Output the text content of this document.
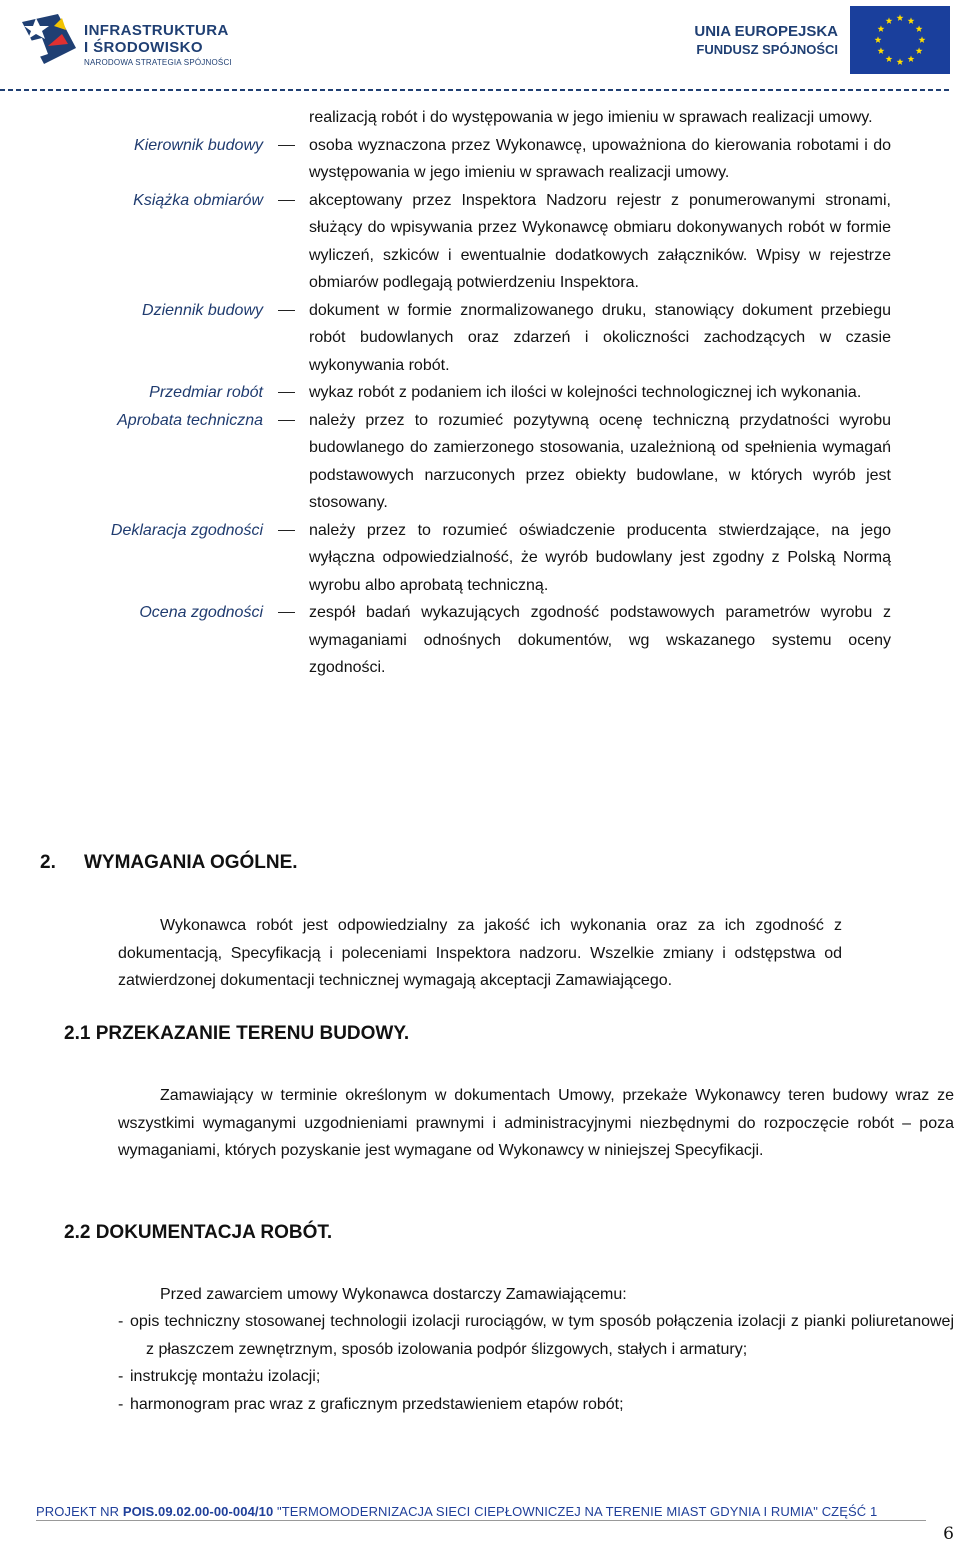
INFRASTRUKTURA
I ŚRODOWISKO
NARODOWA STRATEGIA SPÓJNOŚCI
UNIA EUROPEJSKA
FUNDUSZ SPÓJNOŚCI
realizacją robót i do występowania w jego imieniu w sprawach realizacji umowy.
Kierownik budowy	osoba wyznaczona przez Wykonawcę, upoważniona do kierowania robotami i do występowania w jego imieniu w sprawach realizacji umowy.
Książka obmiarów	akceptowany przez Inspektora Nadzoru rejestr z ponumerowanymi stronami, służący do wpisywania przez Wykonawcę obmiaru dokonywanych robót w formie wyliczeń, szkiców i ewentualnie dodatkowych załączników. Wpisy w rejestrze obmiarów podlegają potwierdzeniu Inspektora.
Dziennik budowy	dokument w formie znormalizowanego druku, stanowiący dokument przebiegu robót budowlanych oraz zdarzeń i okoliczności zachodzących w czasie wykonywania robót.
Przedmiar robót	wykaz robót z podaniem ich ilości w kolejności technologicznej ich wykonania.
Aprobata techniczna	należy przez to rozumieć pozytywną ocenę techniczną przydatności wyrobu budowlanego do zamierzonego stosowania, uzależnioną od spełnienia wymagań podstawowych narzuconych przez obiekty budowlane, w których wyrób jest stosowany.
Deklaracja zgodności	należy przez to rozumieć oświadczenie producenta stwierdzające, na jego wyłączna odpowiedzialność, że wyrób budowlany jest zgodny z Polską Normą wyrobu albo aprobatą techniczną.
Ocena zgodności	zespół badań wykazujących zgodność podstawowych parametrów wyrobu z wymaganiami odnośnych dokumentów, wg wskazanego systemu oceny zgodności.
2. WYMAGANIA OGÓLNE.
Wykonawca robót jest odpowiedzialny za jakość ich wykonania oraz za ich zgodność z dokumentacją, Specyfikacją i poleceniami Inspektora nadzoru. Wszelkie zmiany i odstępstwa od zatwierdzonej dokumentacji technicznej wymagają akceptacji Zamawiającego.
2.1 PRZEKAZANIE TERENU BUDOWY.
Zamawiający w terminie określonym w dokumentach Umowy, przekaże Wykonawcy teren budowy wraz ze wszystkimi wymaganymi uzgodnieniami prawnymi i administracyjnymi niezbędnymi do rozpoczęcie robót – poza wymaganiami, których pozyskanie jest wymagane od Wykonawcy w niniejszej Specyfikacji.
2.2 DOKUMENTACJA ROBÓT.
Przed zawarciem umowy Wykonawca dostarczy Zamawiającemu:
- opis techniczny stosowanej technologii izolacji rurociągów, w tym sposób połączenia izolacji z pianki poliuretanowej z płaszczem zewnętrznym, sposób izolowania podpór ślizgowych, stałych i armatury;
- instrukcję montażu izolacji;
- harmonogram prac wraz z graficznym przedstawieniem etapów robót;
PROJEKT NR POIS.09.02.00-00-004/10 "TERMOMODERNIZACJA SIECI CIEPŁOWNICZEJ NA TERENIE MIAST GDYNIA I RUMIA" CZĘŚĆ 1
6
